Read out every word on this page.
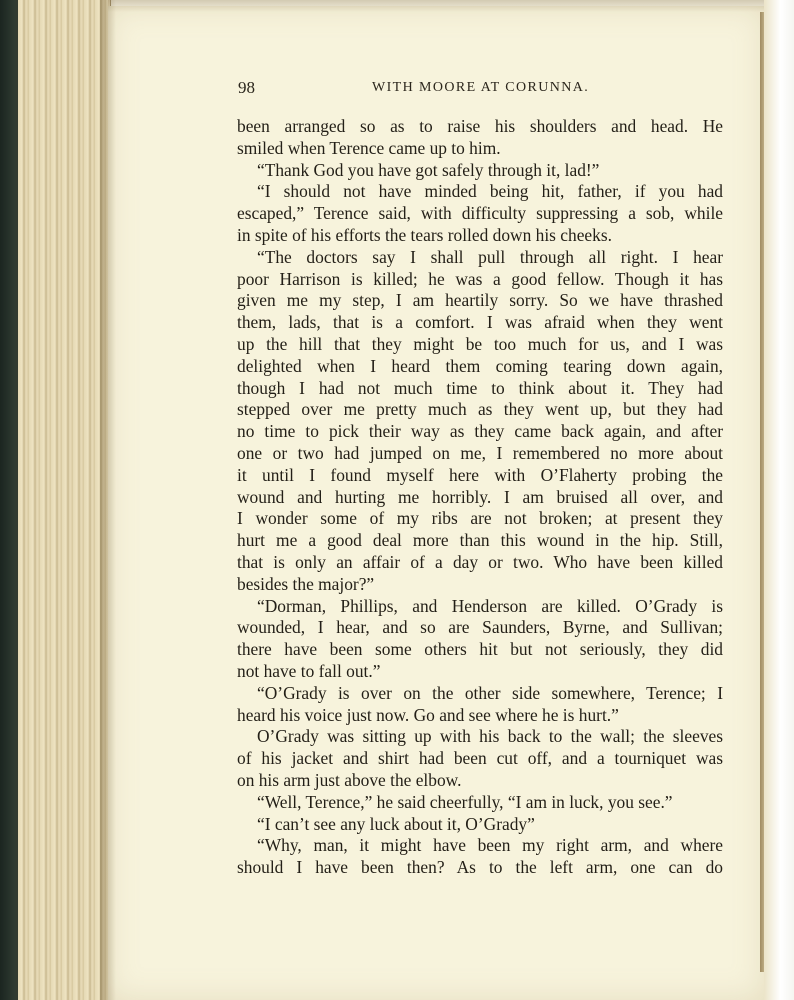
98	WITH MOORE AT CORUNNA.
been arranged so as to raise his shoulders and head. He
smiled when Terence came up to him.
“Thank God you have got safely through it, lad!”
“I should not have minded being hit, father, if you had
escaped,” Terence said, with difficulty suppressing a sob, while
in spite of his efforts the tears rolled down his cheeks.
“The doctors say I shall pull through all right. I hear
poor Harrison is killed; he was a good fellow. Though it has
given me my step, I am heartily sorry. So we have thrashed
them, lads, that is a comfort. I was afraid when they went
up the hill that they might be too much for us, and I was
delighted when I heard them coming tearing down again,
though I had not much time to think about it. They had
stepped over me pretty much as they went up, but they had
no time to pick their way as they came back again, and after
one or two had jumped on me, I remembered no more about
it until I found myself here with O’Flaherty probing the
wound and hurting me horribly. I am bruised all over, and
I wonder some of my ribs are not broken; at present they
hurt me a good deal more than this wound in the hip. Still,
that is only an affair of a day or two. Who have been killed
besides the major?”
“Dorman, Phillips, and Henderson are killed. O’Grady is
wounded, I hear, and so are Saunders, Byrne, and Sullivan;
there have been some others hit but not seriously, they did
not have to fall out.”
“O’Grady is over on the other side somewhere, Terence; I
heard his voice just now. Go and see where he is hurt.”
O’Grady was sitting up with his back to the wall; the sleeves
of his jacket and shirt had been cut off, and a tourniquet was
on his arm just above the elbow.
“Well, Terence,” he said cheerfully, “I am in luck, you see.”
“I can’t see any luck about it, O’Grady”
“Why, man, it might have been my right arm, and where
should I have been then? As to the left arm, one can do
